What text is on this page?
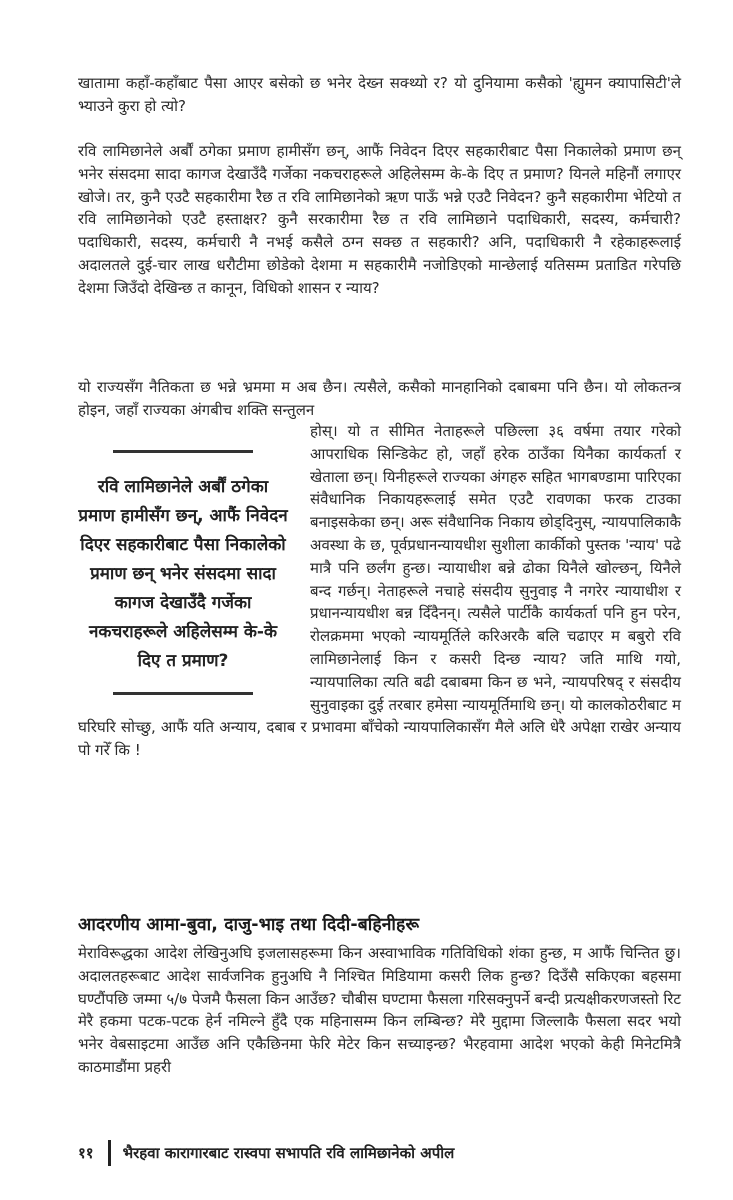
खातामा कहाँ-कहाँबाट पैसा आएर बसेको छ भनेर देख्न सक्थ्यो र? यो दुनियामा कसैको 'ह्युमन क्यापासिटी'ले भ्याउने कुरा हो त्यो?

रवि लामिछानेले अर्बौं ठगेका प्रमाण हामीसँग छन्, आफैं निवेदन दिएर सहकारीबाट पैसा निकालेको प्रमाण छन् भनेर संसदमा सादा कागज देखाउँदै गर्जेका नकचराहरूले अहिलेसम्म के-के दिए त प्रमाण? यिनले महिनौं लगाएर खोजे। तर, कुनै एउटै सहकारीमा रैछ त रवि लामिछानेको ऋण पाऊँ भन्ने एउटै निवेदन? कुनै सहकारीमा भेटियो त रवि लामिछानेको एउटै हस्ताक्षर? कुनै सरकारीमा रैछ त रवि लामिछाने पदाधिकारी, सदस्य, कर्मचारी? पदाधिकारी, सदस्य, कर्मचारी नै नभई कसैले ठग्न सक्छ त सहकारी? अनि, पदाधिकारी नै रहेकाहरूलाई अदालतले दुई-चार लाख धरौटीमा छोडेको देशमा म सहकारीमै नजोडिएको मान्छेलाई यतिसम्म प्रताडित गरेपछि देशमा जिउँदो देखिन्छ त कानून, विधिको शासन र न्याय?

यो राज्यसँग नैतिकता छ भन्ने भ्रममा म अब छैन। त्यसैले, कसैको मानहानिको दबाबमा पनि छैन। यो लोकतन्त्र होइन, जहाँ राज्यका अंगबीच शक्ति सन्तुलन

रवि लामिछानेले अर्बौं ठगेका प्रमाण हामीसँग छन्, आफैं निवेदन दिएर सहकारीबाट पैसा निकालेको प्रमाण छन् भनेर संसदमा सादा कागज देखाउँदै गर्जेका नकचराहरूले अहिलेसम्म के-के दिए त प्रमाण?

होस्। यो त सीमित नेताहरूले पछिल्ला ३६ वर्षमा तयार गरेको आपराधिक सिन्डिकेट हो, जहाँ हरेक ठाउँका यिनैका कार्यकर्ता र खेताला छन्। यिनीहरूले राज्यका अंगहरु सहित भागबण्डामा पारिएका संवैधानिक निकायहरूलाई समेत एउटै रावणका फरक टाउका बनाइसकेका छन्। अरू संवैधानिक निकाय छोड्दिनुस्, न्यायपालिकाकै अवस्था के छ, पूर्वप्रधानन्यायधीश सुशीला कार्कीको पुस्तक 'न्याय' पढे मात्रै पनि छर्लंग हुन्छ। न्यायाधीश बन्ने ढोका यिनैले खोल्छन्, यिनैले बन्द गर्छन्। नेताहरूले नचाहे संसदीय सुनुवाइ नै नगरेर न्यायाधीश र प्रधानन्यायधीश बन्न दिँदैनन्। त्यसैले पार्टीकै कार्यकर्ता पनि हुन परेन, रोलक्रममा भएको न्यायमूर्तिले करिअरकै बलि चढाएर म बबुरो रवि लामिछानेलाई किन र कसरी दिन्छ न्याय? जति माथि गयो, न्यायपालिका त्यति बढी दबाबमा किन छ भने, न्यायपरिषद् र संसदीय सुनुवाइका दुई तरबार हमेसा न्यायमूर्तिमाथि छन्। यो कालकोठरीबाट म घरिघरि सोच्छु, आफैं यति अन्याय, दबाब र प्रभावमा बाँचेको न्यायपालिकासँग मैले अलि धेरै अपेक्षा राखेर अन्याय पो गरेँ कि !

आदरणीय आमा-बुवा, दाजु-भाइ तथा दिदी-बहिनीहरू

मेराविरूद्धका आदेश लेखिनुअघि इजलासहरूमा किन अस्वाभाविक गतिविधिको शंका हुन्छ, म आफैं चिन्तित छु। अदालतहरूबाट आदेश सार्वजनिक हुनुअघि नै निश्चित मिडियामा कसरी लिक हुन्छ? दिउँसै सकिएका बहसमा घण्टौंपछि जम्मा ५/७ पेजमै फैसला किन आउँछ? चौबीस घण्टामा फैसला गरिसक्नुपर्ने बन्दी प्रत्यक्षीकरणजस्तो रिट मेरै हकमा पटक-पटक हेर्न नमिल्ने हुँदै एक महिनासम्म किन लम्बिन्छ? मेरै मुद्दामा जिल्लाकै फैसला सदर भयो भनेर वेबसाइटमा आउँछ अनि एकैछिनमा फेरि मेटेर किन सच्याइन्छ? भैरहवामा आदेश भएको केही मिनेटमित्रै काठमाडौंमा प्रहरी

११ भैरहवा कारागारबाट रास्वपा सभापति रवि लामिछानेको अपील
